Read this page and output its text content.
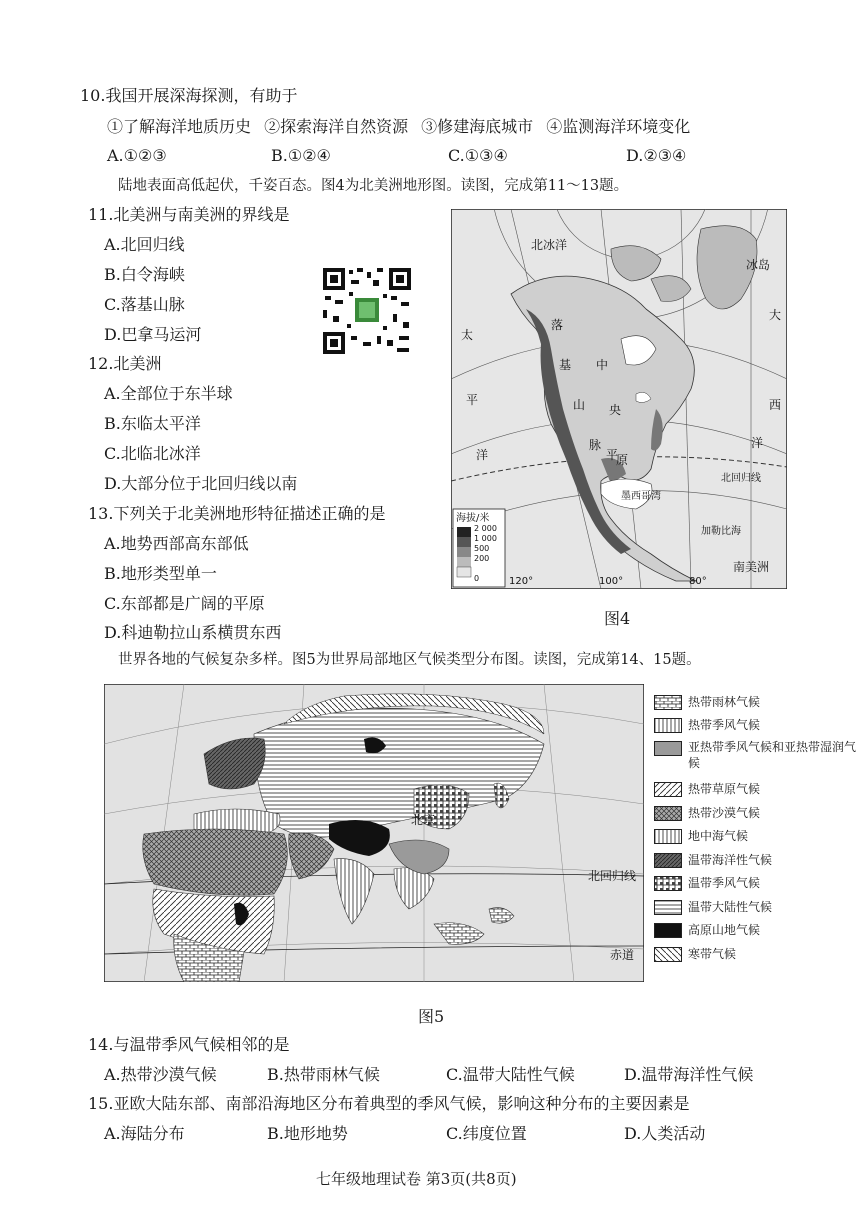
10.我国开展深海探测，有助于
①了解海洋地质历史 ②探索海洋自然资源 ③修建海底城市 ④监测海洋环境变化
A.①②③	B.①②④	C.①③④	D.②③④
陆地表面高低起伏，千姿百态。图4为北美洲地形图。读图，完成第11～13题。
11.北美洲与南美洲的界线是
A.北回归线
B.白令海峡
C.落基山脉
D.巴拿马运河
12.北美洲
A.全部位于东半球
B.东临太平洋
C.北临北冰洋
D.大部分位于北回归线以南
13.下列关于北美洲地形特征描述正确的是
A.地势西部高东部低
B.地形类型单一
C.东部都是广阔的平原
D.科迪勒拉山系横贯东西
北冰洋
冰岛
太
平
洋
大
西
洋
落
基
山
脉
中
央
平
原
墨西哥湾
加勒比海
北回归线
南美洲
120°	100°	80°
海拔/米
2 000
1 000
500
200
0
图4
世界各地的气候复杂多样。图5为世界局部地区气候类型分布图。读图，完成第14、15题。
北京
北回归线
赤道
热带雨林气候
热带季风气候
亚热带季风气候和亚热带湿润气候
热带草原气候
热带沙漠气候
地中海气候
温带海洋性气候
温带季风气候
温带大陆性气候
高原山地气候
寒带气候
图5
14.与温带季风气候相邻的是
A.热带沙漠气候	B.热带雨林气候	C.温带大陆性气候	D.温带海洋性气候
15.亚欧大陆东部、南部沿海地区分布着典型的季风气候，影响这种分布的主要因素是
A.海陆分布	B.地形地势	C.纬度位置	D.人类活动
七年级地理试卷 第3页(共8页)
